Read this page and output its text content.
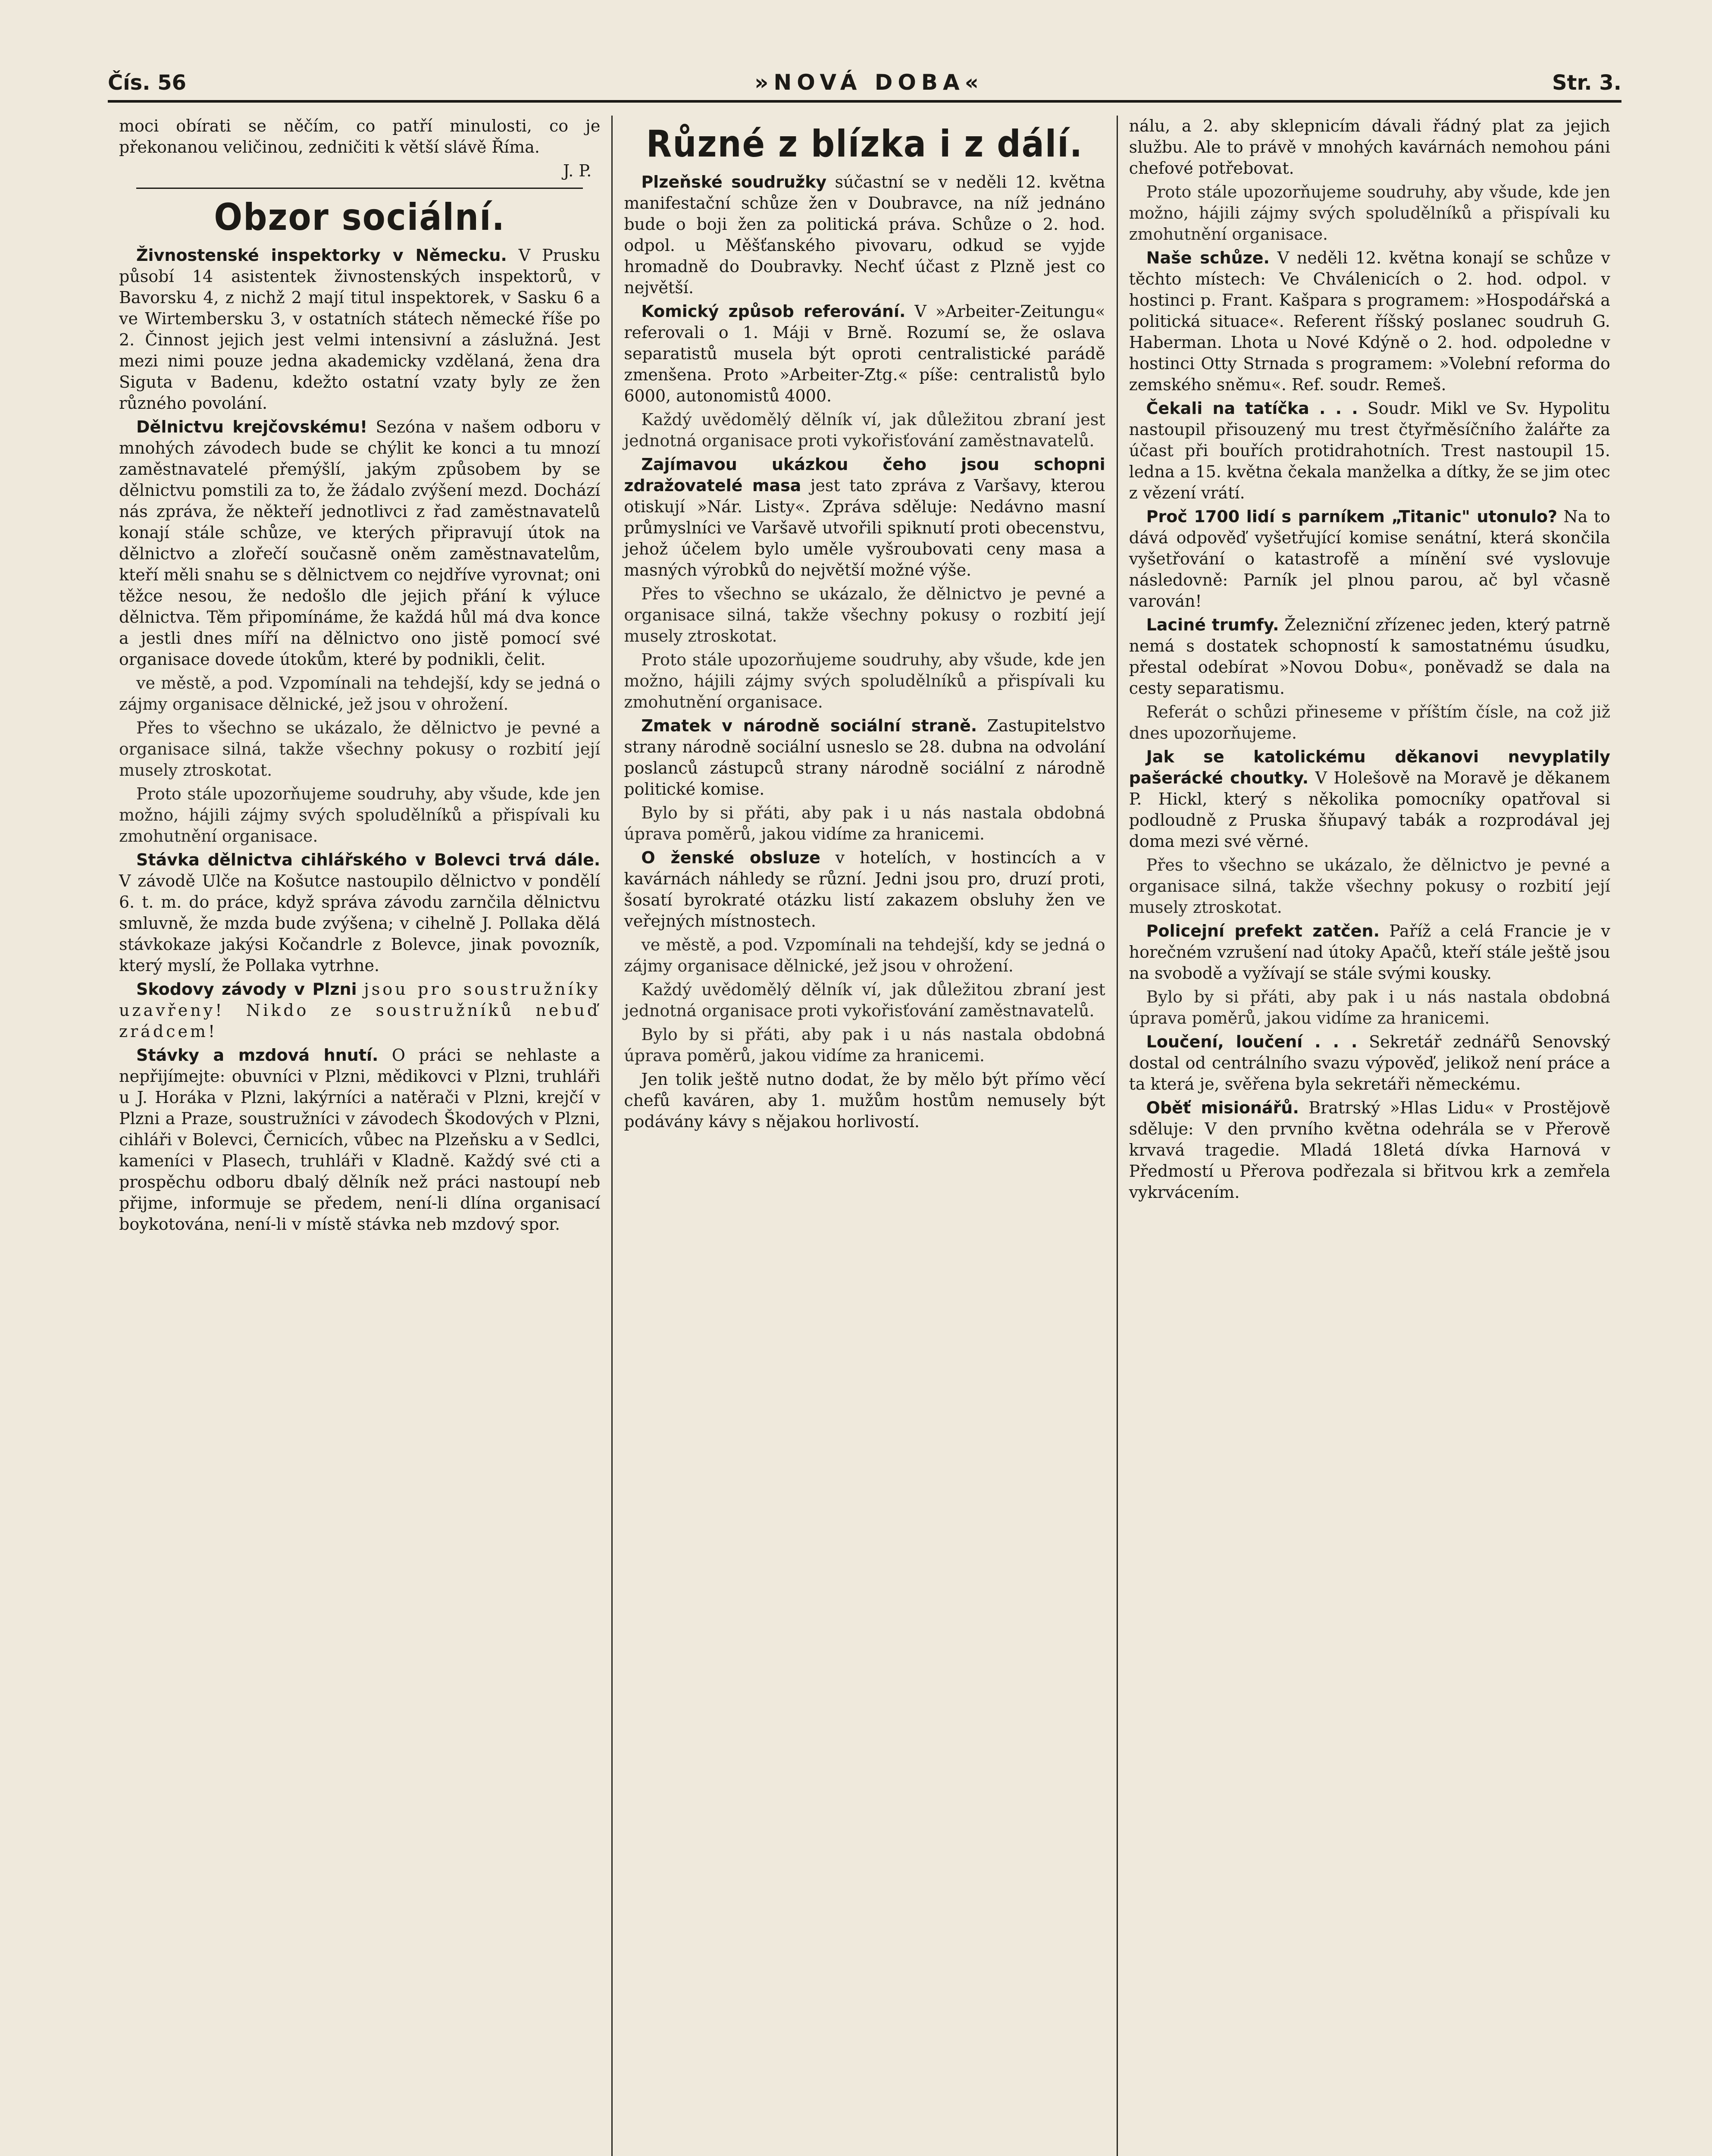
Čís. 56	»NOVÁ DOBA«	Str. 3.

moci obírati se něčím, co patří minulosti, co je překonanou veličinou, zedničiti k větší slávě Říma.

J. P.
Obzor sociální.

Živnostenské inspektorky v Německu. V Prusku působí 14 asistentek živnostenských inspektorů, v Bavorsku 4, z nichž 2 mají titul inspektorek, v Sasku 6 a ve Wirtembersku 3, v ostatních státech německé říše po 2. Činnost jejich jest velmi intensivní a záslužná. Jest mezi nimi pouze jedna akademicky vzdělaná, žena dra Siguta v Badenu, kdežto ostatní vzaty byly ze žen různého povolání.

Dělnictvu krejčovskému! Sezóna v našem odboru v mnohých závodech bude se chýlit ke konci a tu mnozí zaměstnavatelé přemýšlí, jakým způsobem by se dělnictvu pomstili za to, že žádalo zvýšení mezd. Dochází nás zpráva, že někteří jednotlivci z řad zaměstnavatelů konají stále schůze, ve kterých připravují útok na dělnictvo a zlořečí současně oněm zaměstnavatelům, kteří měli snahu se s dělnictvem co nejdříve vyrovnat; oni těžce nesou, že nedošlo dle jejich přání k výluce dělnictva. Těm připomínáme, že každá hůl má dva konce a jestli dnes míří na dělnictvo ono jistě pomocí své organisace dovede útokům, které by podnikli, čelit.

ve městě, a pod. Vzpomínali na tehdejší, kdy se jedná o zájmy organisace dělnické, jež jsou v ohrožení.

Přes to všechno se ukázalo, že dělnictvo je pevné a organisace silná, takže všechny pokusy o rozbití její musely ztroskotat.

Proto stále upozorňujeme soudruhy, aby všude, kde jen možno, hájili zájmy svých spoludělníků a přispívali ku zmohutnění organisace.

Stávka dělnictva cihlářského v Bolevci trvá dále. V závodě Ulče na Košutce nastoupilo dělnictvo v pondělí 6. t. m. do práce, když správa závodu zarnčila dělnictvu smluvně, že mzda bude zvýšena; v cihelně J. Pollaka dělá stávkokaze jakýsi Kočandrle z Bolevce, jinak povozník, který myslí, že Pollaka vytrhne.

Skodovy závody v Plzni jsou pro soustružníky uzavřeny! Nikdo ze soustružníků nebuď zrádcem!

Stávky a mzdová hnutí. O práci se nehlaste a nepřijímejte: obuvníci v Plzni, mědikovci v Plzni, truhláři u J. Horáka v Plzni, lakýrníci a natěrači v Plzni, krejčí v Plzni a Praze, soustružníci v závodech Škodových v Plzni, cihláři v Bolevci, Černicích, vůbec na Plzeňsku a v Sedlci, kameníci v Plasech, truhláři v Kladně. Každý své cti a prospěchu odboru dbalý dělník než práci nastoupí neb přijme, informuje se předem, není-li dlína organisací boykotována, není-li v místě stávka neb mzdový spor.

Různé z blízka i z dálí.

Plzeňské soudružky súčastní se v neděli 12. května manifestační schůze žen v Doubravce, na níž jednáno bude o boji žen za politická práva. Schůze o 2. hod. odpol. u Měšťanského pivovaru, odkud se vyjde hromadně do Doubravky. Nechť účast z Plzně jest co největší.

Komický způsob referování. V »Arbeiter-Zeitungu« referovali o 1. Máji v Brně. Rozumí se, že oslava separatistů musela být oproti centralistické parádě zmenšena. Proto »Arbeiter-Ztg.« píše: centralistů bylo 6000, autonomistů 4000.

Každý uvědomělý dělník ví, jak důležitou zbraní jest jednotná organisace proti vykořisťování zaměstnavatelů.

Zajímavou ukázkou čeho jsou schopni zdražovatelé masa jest tato zpráva z Varšavy, kterou otiskují »Nár. Listy«. Zpráva sděluje: Nedávno masní průmyslníci ve Varšavě utvořili spiknutí proti obecenstvu, jehož účelem bylo uměle vyšroubovati ceny masa a masných výrobků do největší možné výše.

Přes to všechno se ukázalo, že dělnictvo je pevné a organisace silná, takže všechny pokusy o rozbití její musely ztroskotat.

Proto stále upozorňujeme soudruhy, aby všude, kde jen možno, hájili zájmy svých spoludělníků a přispívali ku zmohutnění organisace.

Zmatek v národně sociální straně. Zastupitelstvo strany národně sociální usneslo se 28. dubna na odvolání poslanců zástupců strany národně sociální z národně politické komise.

Bylo by si přáti, aby pak i u nás nastala obdobná úprava poměrů, jakou vidíme za hranicemi.

O ženské obsluze v hotelích, v hostincích a v kavárnách náhledy se různí. Jedni jsou pro, druzí proti, šosatí byrokraté otázku listí zakazem obsluhy žen ve veřejných místnostech.

ve městě, a pod. Vzpomínali na tehdejší, kdy se jedná o zájmy organisace dělnické, jež jsou v ohrožení.

Každý uvědomělý dělník ví, jak důležitou zbraní jest jednotná organisace proti vykořisťování zaměstnavatelů.

Bylo by si přáti, aby pak i u nás nastala obdobná úprava poměrů, jakou vidíme za hranicemi.

Jen tolik ještě nutno dodat, že by mělo být přímo věcí chefů kaváren, aby 1. mužům hostům nemusely být podávány kávy s nějakou horlivostí.

nálu, a 2. aby sklepnicím dávali řádný plat za jejich službu. Ale to právě v mnohých kavárnách nemohou páni chefové potřebovat.

Proto stále upozorňujeme soudruhy, aby všude, kde jen možno, hájili zájmy svých spoludělníků a přispívali ku zmohutnění organisace.

Naše schůze. V neděli 12. května konají se schůze v těchto místech: Ve Chválenicích o 2. hod. odpol. v hostinci p. Frant. Kašpara s programem: »Hospodářská a politická situace«. Referent říšský poslanec soudruh G. Haberman. Lhota u Nové Kdýně o 2. hod. odpoledne v hostinci Otty Strnada s programem: »Volební reforma do zemského sněmu«. Ref. soudr. Remeš.

Čekali na tatíčka . . . Soudr. Mikl ve Sv. Hypolitu nastoupil přisouzený mu trest čtyřměsíčního žalářte za účast při bouřích protidrahotních. Trest nastoupil 15. ledna a 15. května čekala manželka a dítky, že se jim otec z vězení vrátí.

Proč 1700 lidí s parníkem „Titanic" utonulo? Na to dává odpověď vyšetřující komise senátní, která skončila vyšetřování o katastrofě a mínění své vyslovuje následovně: Parník jel plnou parou, ač byl včasně varován!

Laciné trumfy. Železniční zřízenec jeden, který patrně nemá s dostatek schopností k samostatnému úsudku, přestal odebírat »Novou Dobu«, poněvadž se dala na cesty separatismu.

Referát o schůzi přineseme v příštím čísle, na což již dnes upozorňujeme.

Jak se katolickému děkanovi nevyplatily pašerácké choutky. V Holešově na Moravě je děkanem P. Hickl, který s několika pomocníky opatřoval si podloudně z Pruska šňupavý tabák a rozprodával jej doma mezi své věrné.

Přes to všechno se ukázalo, že dělnictvo je pevné a organisace silná, takže všechny pokusy o rozbití její musely ztroskotat.

Policejní prefekt zatčen. Paříž a celá Francie je v horečném vzrušení nad útoky Apačů, kteří stále ještě jsou na svobodě a vyžívají se stále svými kousky.

Bylo by si přáti, aby pak i u nás nastala obdobná úprava poměrů, jakou vidíme za hranicemi.

Loučení, loučení . . . Sekretář zednářů Senovský dostal od centrálního svazu výpověď, jelikož není práce a ta která je, svěřena byla sekretáři německému.

Oběť misionářů. Bratrský »Hlas Lidu« v Prostějově sděluje: V den prvního května odehrála se v Přerově krvavá tragedie. Mladá 18letá dívka Harnová v Předmostí u Přerova podřezala si břitvou krk a zemřela vykrvácením.
